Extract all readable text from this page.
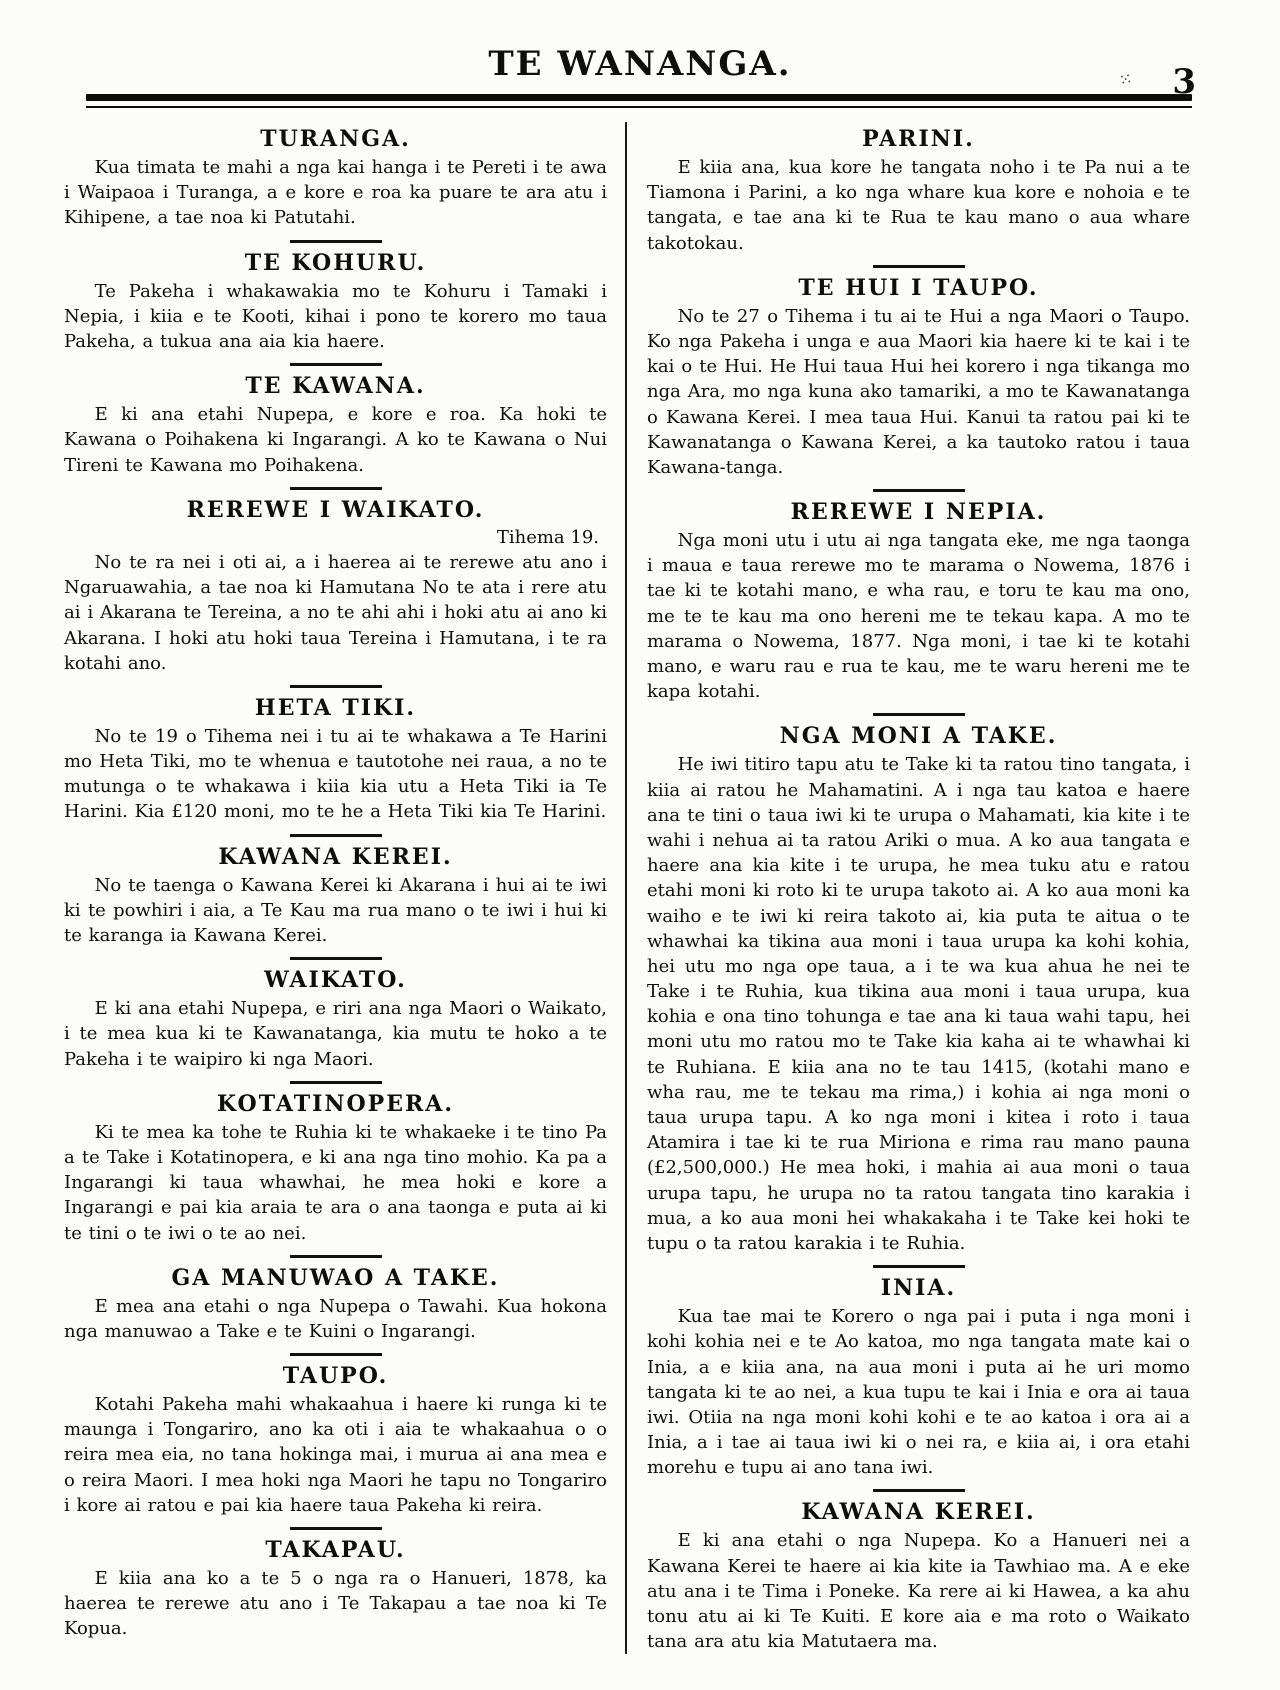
TE WANANGA.	3
⁙
TURANGA.

Kua timata te mahi a nga kai hanga i te Pereti i te awa i Waipaoa i Turanga, a e kore e roa ka puare te ara atu i Kihipene, a tae noa ki Patutahi.

TE KOHURU.

Te Pakeha i whakawakia mo te Kohuru i Tamaki i Nepia, i kiia e te Kooti, kihai i pono te korero mo taua Pakeha, a tukua ana aia kia haere.

TE KAWANA.

E ki ana etahi Nupepa, e kore e roa. Ka hoki te Kawana o Poihakena ki Ingarangi. A ko te Kawana o Nui Tireni te Kawana mo Poihakena.

REREWE I WAIKATO.

Tihema 19.

No te ra nei i oti ai, a i haerea ai te rerewe atu ano i Ngaruawahia, a tae noa ki Hamutana No te ata i rere atu ai i Akarana te Tereina, a no te ahi ahi i hoki atu ai ano ki Akarana. I hoki atu hoki taua Tereina i Hamutana, i te ra kotahi ano.

HETA TIKI.

No te 19 o Tihema nei i tu ai te whakawa a Te Harini mo Heta Tiki, mo te whenua e tautotohe nei raua, a no te mutunga o te whakawa i kiia kia utu a Heta Tiki ia Te Harini. Kia £120 moni, mo te he a Heta Tiki kia Te Harini.

KAWANA KEREI.

No te taenga o Kawana Kerei ki Akarana i hui ai te iwi ki te powhiri i aia, a Te Kau ma rua mano o te iwi i hui ki te karanga ia Kawana Kerei.

WAIKATO.

E ki ana etahi Nupepa, e riri ana nga Maori o Waikato, i te mea kua ki te Kawanatanga, kia mutu te hoko a te Pakeha i te waipiro ki nga Maori.

KOTATINOPERA.

Ki te mea ka tohe te Ruhia ki te whakaeke i te tino Pa a te Take i Kotatinopera, e ki ana nga tino mohio. Ka pa a Ingarangi ki taua whawhai, he mea hoki e kore a Ingarangi e pai kia araia te ara o ana taonga e puta ai ki te tini o te iwi o te ao nei.

GA MANUWAO A TAKE.

E mea ana etahi o nga Nupepa o Tawahi. Kua hokona nga manuwao a Take e te Kuini o Ingarangi.

TAUPO.

Kotahi Pakeha mahi whakaahua i haere ki runga ki te maunga i Tongariro, ano ka oti i aia te whakaahua o o reira mea eia, no tana hokinga mai, i murua ai ana mea e o reira Maori. I mea hoki nga Maori he tapu no Tongariro i kore ai ratou e pai kia haere taua Pakeha ki reira.

TAKAPAU.

E kiia ana ko a te 5 o nga ra o Hanueri, 1878, ka haerea te rerewe atu ano i Te Takapau a tae noa ki Te Kopua.

PARINI.

E kiia ana, kua kore he tangata noho i te Pa nui a te Tiamona i Parini, a ko nga whare kua kore e nohoia e te tangata, e tae ana ki te Rua te kau mano o aua whare takotokau.

TE HUI I TAUPO.

No te 27 o Tihema i tu ai te Hui a nga Maori o Taupo. Ko nga Pakeha i unga e aua Maori kia haere ki te kai i te kai o te Hui. He Hui taua Hui hei korero i nga tikanga mo nga Ara, mo nga kuna ako tamariki, a mo te Kawanatanga o Kawana Kerei. I mea taua Hui. Kanui ta ratou pai ki te Kawanatanga o Kawana Kerei, a ka tautoko ratou i taua Kawana-tanga.

REREWE I NEPIA.

Nga moni utu i utu ai nga tangata eke, me nga taonga i maua e taua rerewe mo te marama o Nowema, 1876 i tae ki te kotahi mano, e wha rau, e toru te kau ma ono, me te te kau ma ono hereni me te tekau kapa. A mo te marama o Nowema, 1877. Nga moni, i tae ki te kotahi mano, e waru rau e rua te kau, me te waru hereni me te kapa kotahi.

NGA MONI A TAKE.

He iwi titiro tapu atu te Take ki ta ratou tino tangata, i kiia ai ratou he Mahamatini. A i nga tau katoa e haere ana te tini o taua iwi ki te urupa o Mahamati, kia kite i te wahi i nehua ai ta ratou Ariki o mua. A ko aua tangata e haere ana kia kite i te urupa, he mea tuku atu e ratou etahi moni ki roto ki te urupa takoto ai. A ko aua moni ka waiho e te iwi ki reira takoto ai, kia puta te aitua o te whawhai ka tikina aua moni i taua urupa ka kohi kohia, hei utu mo nga ope taua, a i te wa kua ahua he nei te Take i te Ruhia, kua tikina aua moni i taua urupa, kua kohia e ona tino tohunga e tae ana ki taua wahi tapu, hei moni utu mo ratou mo te Take kia kaha ai te whawhai ki te Ruhiana. E kiia ana no te tau 1415, (kotahi mano e wha rau, me te tekau ma rima,) i kohia ai nga moni o taua urupa tapu. A ko nga moni i kitea i roto i taua Atamira i tae ki te rua Miriona e rima rau mano pauna (£2,500,000.) He mea hoki, i mahia ai aua moni o taua urupa tapu, he urupa no ta ratou tangata tino karakia i mua, a ko aua moni hei whakakaha i te Take kei hoki te tupu o ta ratou karakia i te Ruhia.

INIA.

Kua tae mai te Korero o nga pai i puta i nga moni i kohi kohia nei e te Ao katoa, mo nga tangata mate kai o Inia, a e kiia ana, na aua moni i puta ai he uri momo tangata ki te ao nei, a kua tupu te kai i Inia e ora ai taua iwi. Otiia na nga moni kohi kohi e te ao katoa i ora ai a Inia, a i tae ai taua iwi ki o nei ra, e kiia ai, i ora etahi morehu e tupu ai ano tana iwi.

KAWANA KEREI.

E ki ana etahi o nga Nupepa. Ko a Hanueri nei a Kawana Kerei te haere ai kia kite ia Tawhiao ma. A e eke atu ana i te Tima i Poneke. Ka rere ai ki Hawea, a ka ahu tonu atu ai ki Te Kuiti. E kore aia e ma roto o Waikato tana ara atu kia Matutaera ma.
